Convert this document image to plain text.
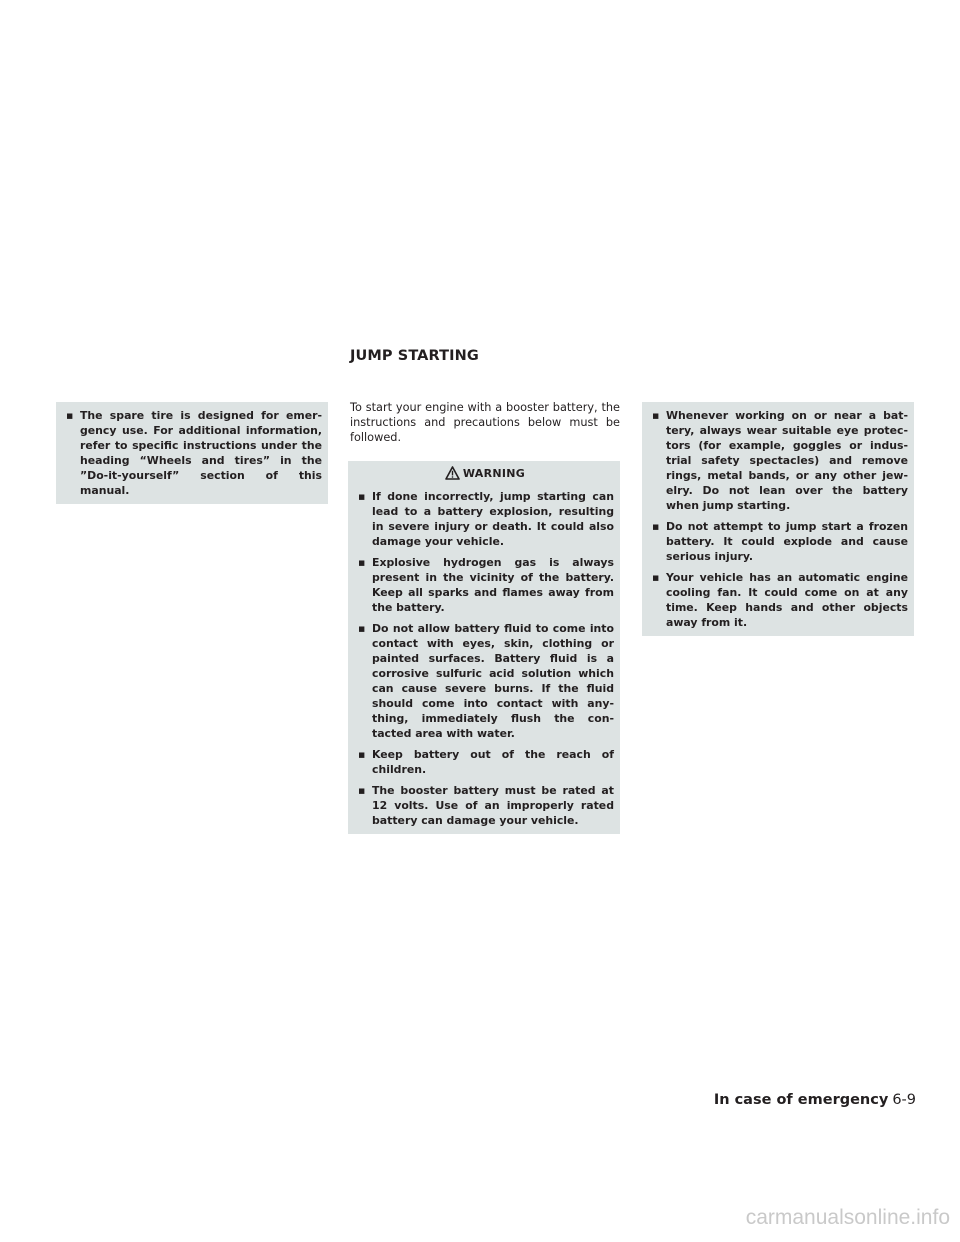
JUMP STARTING
▪ The spare tire is designed for emer-gency use. For additional information, refer to specific instructions under the heading “Wheels and tires” in the ”Do-it-yourself” section of this manual.

To start your engine with a booster battery, the instructions and precautions below must be followed.

WARNING
▪ If done incorrectly, jump starting can lead to a battery explosion, resulting in severe injury or death. It could also damage your vehicle.
▪ Explosive hydrogen gas is always present in the vicinity of the battery. Keep all sparks and flames away from the battery.
▪ Do not allow battery fluid to come into contact with eyes, skin, clothing or painted surfaces. Battery fluid is a corrosive sulfuric acid solution which can cause severe burns. If the fluid should come into contact with any-thing, immediately flush the con-tacted area with water.
▪ Keep battery out of the reach of children.
▪ The booster battery must be rated at 12 volts. Use of an improperly rated battery can damage your vehicle.
▪ Whenever working on or near a bat-tery, always wear suitable eye protec-tors (for example, goggles or indus-trial safety spectacles) and remove rings, metal bands, or any other jew-elry. Do not lean over the battery when jump starting.
▪ Do not attempt to jump start a frozen battery. It could explode and cause serious injury.
▪ Your vehicle has an automatic engine cooling fan. It could come on at any time. Keep hands and other objects away from it.
In case of emergency 6-9
carmanualsonline.info
